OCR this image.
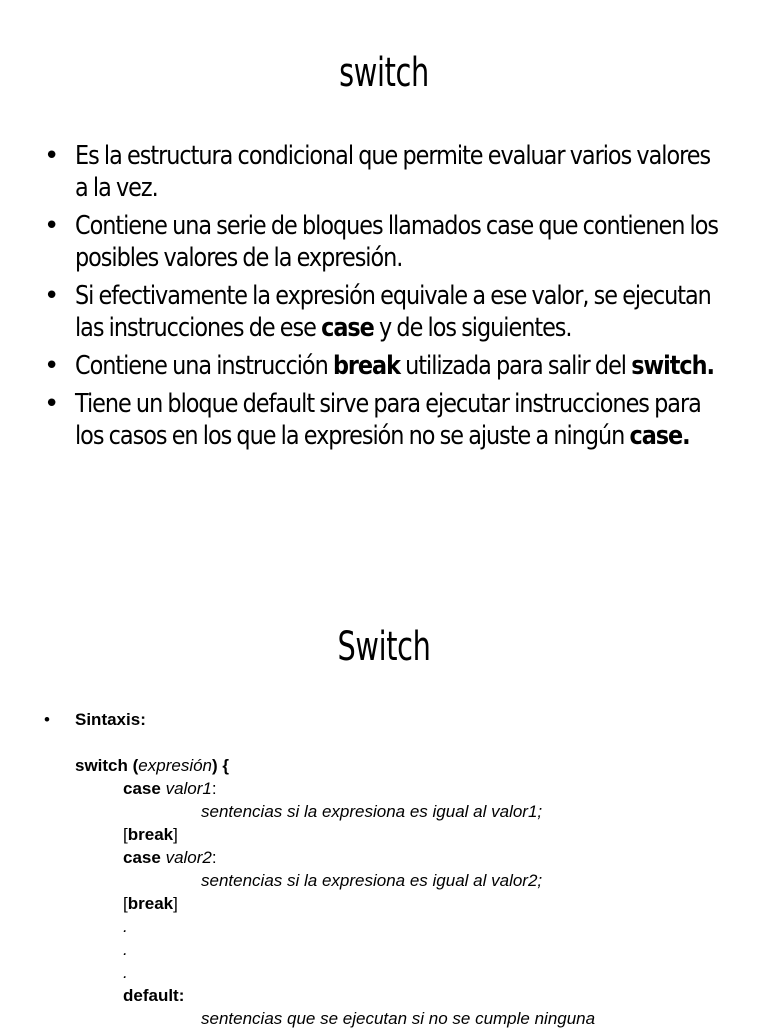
switch
• Es la estructura condicional que permite evaluar varios valores a la vez.
• Contiene una serie de bloques llamados case que contienen los posibles valores de la expresión.
• Si efectivamente la expresión equivale a ese valor, se ejecutan las instrucciones de ese case y de los siguientes.
• Contiene una instrucción break utilizada para salir del switch.
• Tiene un bloque default sirve para ejecutar instrucciones para los casos en los que la expresión no se ajuste a ningún case.
Switch
• Sintaxis:
switch (expresión) {
case valor1:
sentencias si la expresiona es igual al valor1;
[break]
case valor2:
sentencias si la expresiona es igual al valor2;
[break]
.
.
.
default:
sentencias que se ejecutan si no se cumple ninguna
